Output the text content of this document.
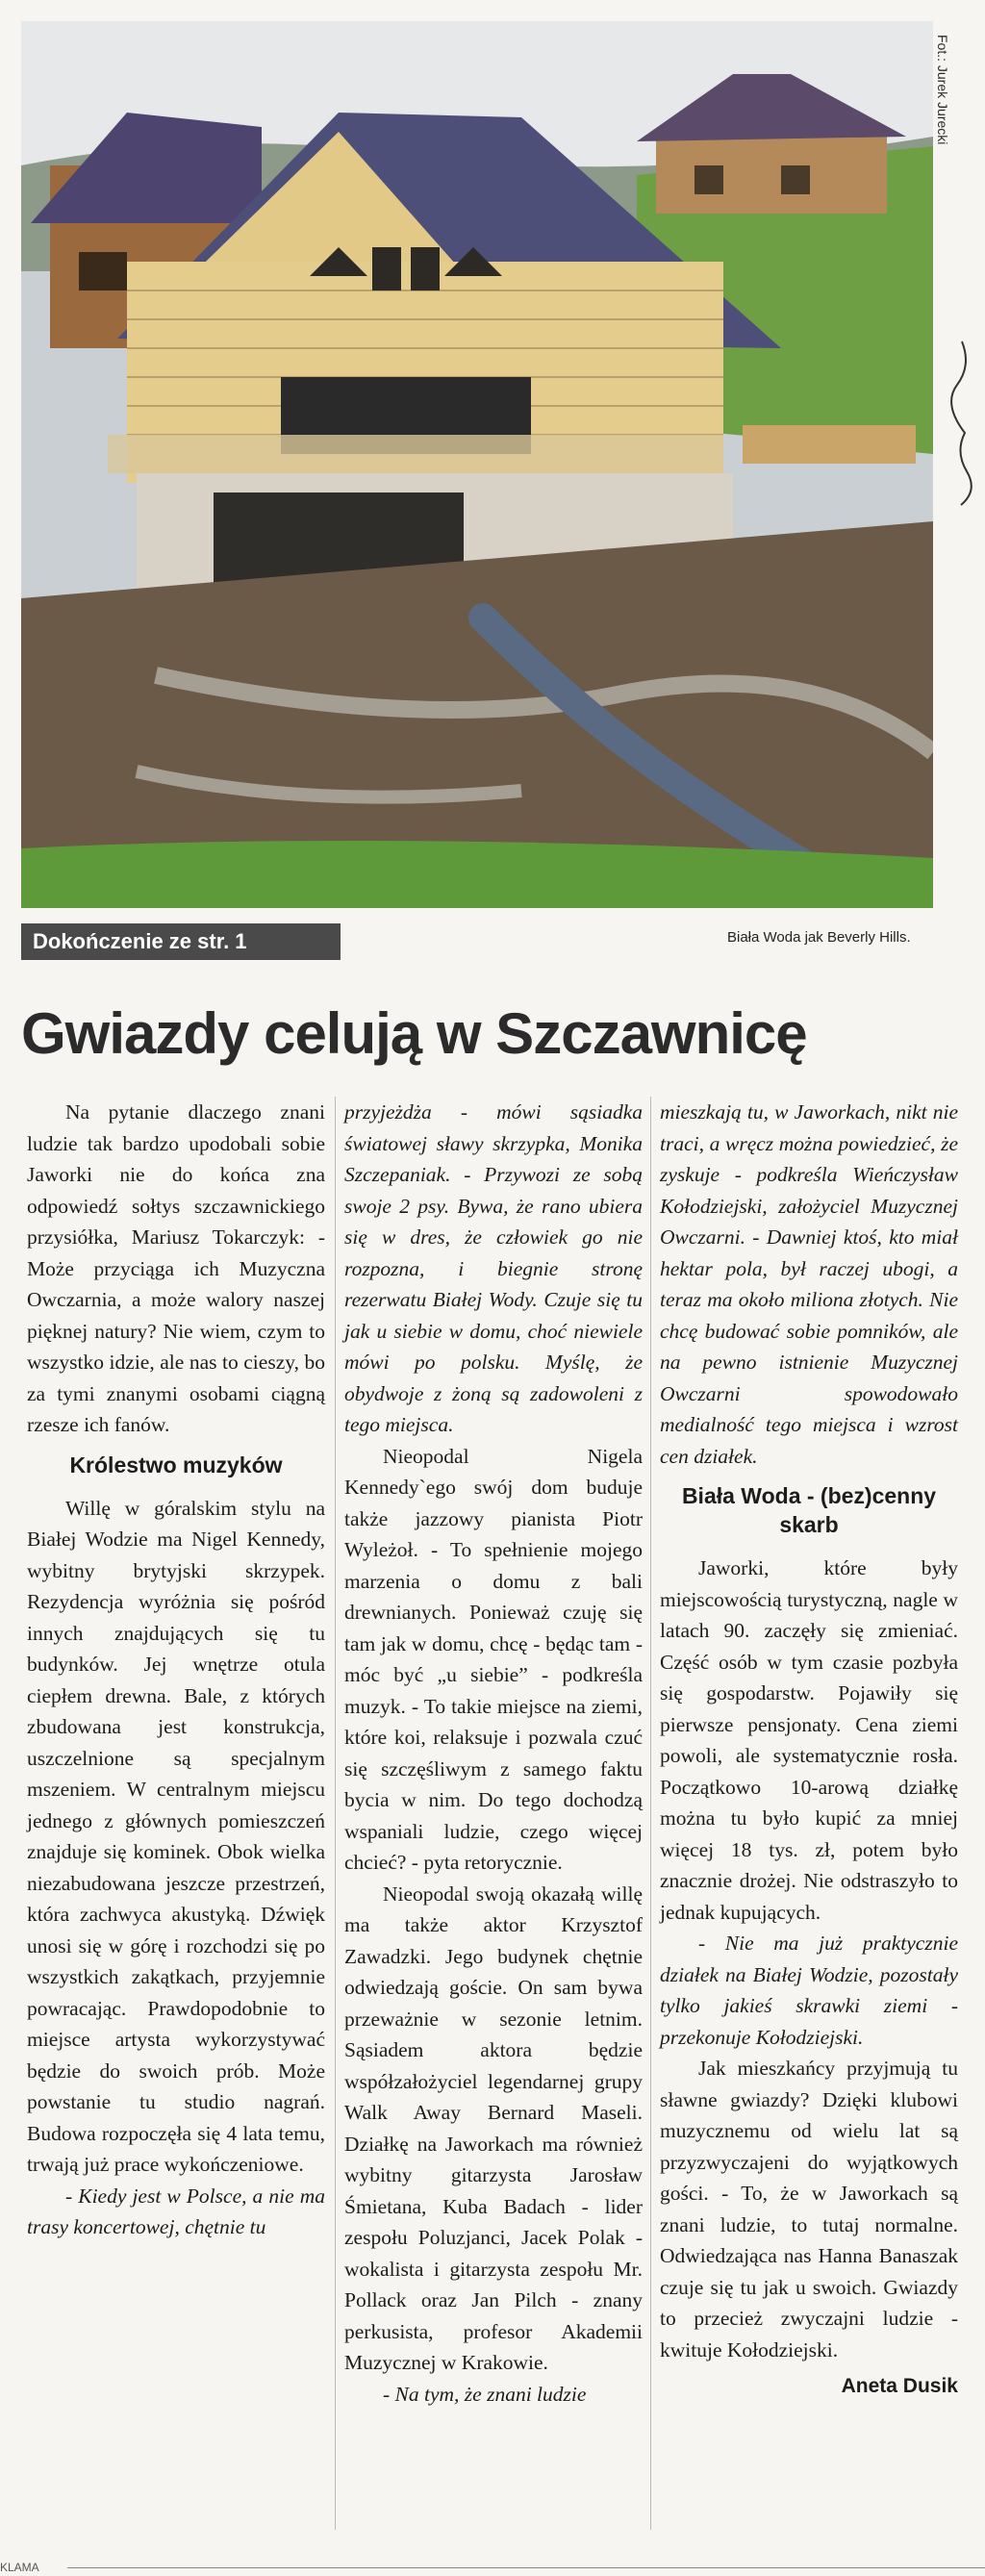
Fot.: Jurek Jurecki
Dokończenie ze str. 1	Biała Woda jak Beverly Hills.
Gwiazdy celują w Szczawnicę

Na pytanie dlaczego znani ludzie tak bardzo upodobali sobie Jaworki nie do końca zna odpowiedź sołtys szczawnickiego przysiółka, Mariusz Tokarczyk: - Może przyciąga ich Muzyczna Owczarnia, a może walory naszej pięknej natury? Nie wiem, czym to wszystko idzie, ale nas to cieszy, bo za tymi znanymi osobami ciągną rzesze ich fanów.

Królestwo muzyków

Willę w góralskim stylu na Białej Wodzie ma Nigel Kennedy, wybitny brytyjski skrzypek. Rezydencja wyróżnia się pośród innych znajdujących się tu budynków. Jej wnętrze otula ciepłem drewna. Bale, z których zbudowana jest konstrukcja, uszczelnione są specjalnym mszeniem. W centralnym miejscu jednego z głównych pomieszczeń znajduje się kominek. Obok wielka niezabudowana jeszcze przestrzeń, która zachwyca akustyką. Dźwięk unosi się w górę i rozchodzi się po wszystkich zakątkach, przyjemnie powracając. Prawdopodobnie to miejsce artysta wykorzystywać będzie do swoich prób. Może powstanie tu studio nagrań. Budowa rozpoczęła się 4 lata temu, trwają już prace wykończeniowe.

- Kiedy jest w Polsce, a nie ma trasy koncertowej, chętnie tu

przyjeżdża - mówi sąsiadka światowej sławy skrzypka, Monika Szczepaniak. - Przywozi ze sobą swoje 2 psy. Bywa, że rano ubiera się w dres, że człowiek go nie rozpozna, i biegnie stronę rezerwatu Białej Wody. Czuje się tu jak u siebie w domu, choć niewiele mówi po polsku. Myślę, że obydwoje z żoną są zadowoleni z tego miejsca.

Nieopodal Nigela Kennedy`ego swój dom buduje także jazzowy pianista Piotr Wyleżoł. - To spełnienie mojego marzenia o domu z bali drewnianych. Ponieważ czuję się tam jak w domu, chcę - będąc tam - móc być „u siebie” - podkreśla muzyk. - To takie miejsce na ziemi, które koi, relaksuje i pozwala czuć się szczęśliwym z samego faktu bycia w nim. Do tego dochodzą wspaniali ludzie, czego więcej chcieć? - pyta retorycznie.

Nieopodal swoją okazałą willę ma także aktor Krzysztof Zawadzki. Jego budynek chętnie odwiedzają goście. On sam bywa przeważnie w sezonie letnim. Sąsiadem aktora będzie współzałożyciel legendarnej grupy Walk Away Bernard Maseli. Działkę na Jaworkach ma również wybitny gitarzysta Jarosław Śmietana, Kuba Badach - lider zespołu Poluzjanci, Jacek Polak - wokalista i gitarzysta zespołu Mr. Pollack oraz Jan Pilch - znany perkusista, profesor Akademii Muzycznej w Krakowie.

- Na tym, że znani ludzie

mieszkają tu, w Jaworkach, nikt nie traci, a wręcz można powiedzieć, że zyskuje - podkreśla Wieńczysław Kołodziejski, założyciel Muzycznej Owczarni. - Dawniej ktoś, kto miał hektar pola, był raczej ubogi, a teraz ma około miliona złotych. Nie chcę budować sobie pomników, ale na pewno istnienie Muzycznej Owczarni spowodowało medialność tego miejsca i wzrost cen działek.

Biała Woda - (bez)cenny skarb

Jaworki, które były miejscowością turystyczną, nagle w latach 90. zaczęły się zmieniać. Część osób w tym czasie pozbyła się gospodarstw. Pojawiły się pierwsze pensjonaty. Cena ziemi powoli, ale systematycznie rosła. Początkowo 10-arową działkę można tu było kupić za mniej więcej 18 tys. zł, potem było znacznie drożej. Nie odstraszyło to jednak kupujących.

- Nie ma już praktycznie działek na Białej Wodzie, pozostały tylko jakieś skrawki ziemi - przekonuje Kołodziejski.

Jak mieszkańcy przyjmują tu sławne gwiazdy? Dzięki klubowi muzycznemu od wielu lat są przyzwyczajeni do wyjątkowych gości. - To, że w Jaworkach są znani ludzie, to tutaj normalne. Odwiedzająca nas Hanna Banaszak czuje się tu jak u swoich. Gwiazdy to przecież zwyczajni ludzie - kwituje Kołodziejski.

Aneta Dusik
KLAMA
